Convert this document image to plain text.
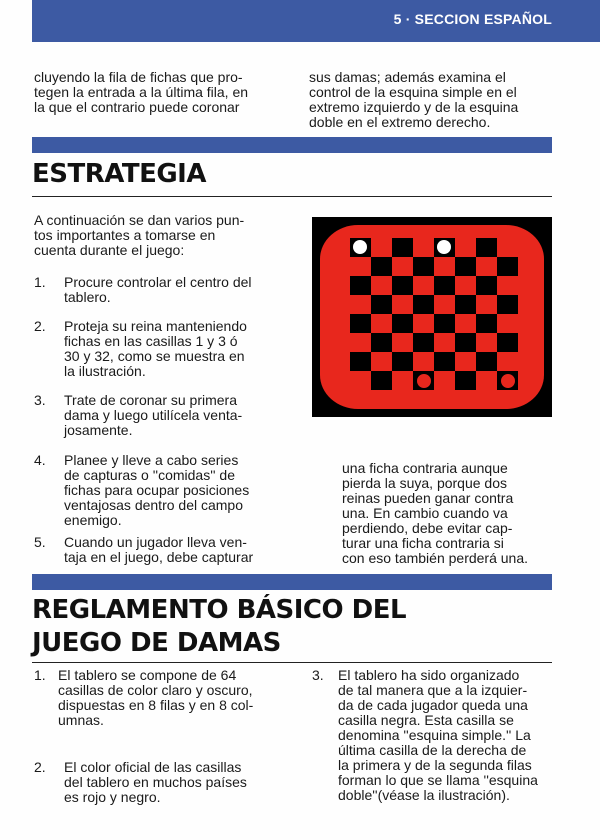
5 · SECCION ESPAÑOL

cluyendo la fila de fichas que pro-

tegen la entrada a la última fila, en

la que el contrario puede coronar

sus damas; además examina el

control de la esquina simple en el

extremo izquierdo y de la esquina

doble en el extremo derecho.

ESTRATEGIA

A continuación se dan varios pun-

tos importantes a tomarse en

cuenta durante el juego:

1. Procure controlar el centro del
tablero.
2. Proteja su reina manteniendo
fichas en las casillas 1 y 3 ó
30 y 32, como se muestra en
la ilustración.
3. Trate de coronar su primera
dama y luego utilícela venta-
josamente.
4. Planee y lleve a cabo series
de capturas o ''comidas'' de
fichas para ocupar posiciones
ventajosas dentro del campo
enemigo.
5. Cuando un jugador lleva ven-
taja en el juego, debe capturar

una ficha contraria aunque

pierda la suya, porque dos

reinas pueden ganar contra

una. En cambio cuando va

perdiendo, debe evitar cap-

turar una ficha contraria si

con eso también perderá una.

REGLAMENTO BÁSICO DEL
JUEGO DE DAMAS
1. El tablero se compone de 64
casillas de color claro y oscuro,
dispuestas en 8 filas y en 8 col-
umnas.
2. El color oficial de las casillas
del tablero en muchos países
es rojo y negro.
3. El tablero ha sido organizado
de tal manera que a la izquier-
da de cada jugador queda una
casilla negra. Esta casilla se
denomina ''esquina simple.'' La
última casilla de la derecha de
la primera y de la segunda filas
forman lo que se llama ''esquina
doble''(véase la ilustración).
